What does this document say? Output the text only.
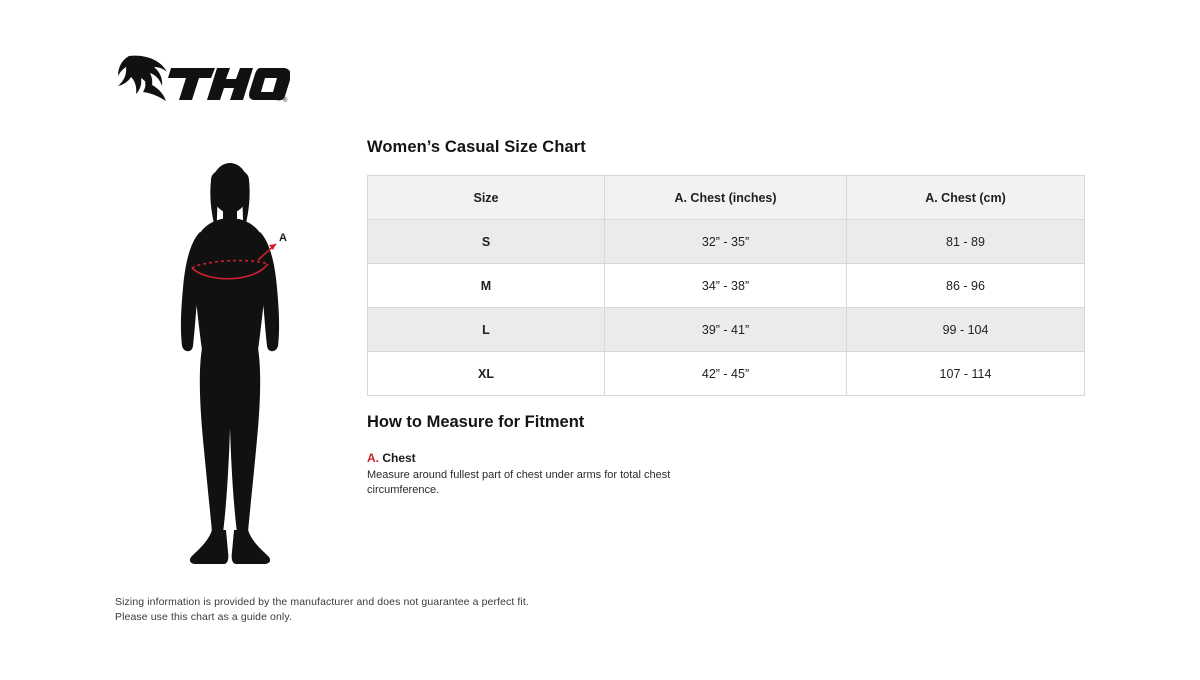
®
A
Women’s Casual Size Chart
Size	A. Chest (inches)	A. Chest (cm)
S	32” - 35”	81 - 89
M	34” - 38”	86 - 96
L	39” - 41”	99 - 104
XL	42” - 45”	107 - 114
How to Measure for Fitment
A. Chest
Measure around fullest part of chest under arms for total chest circumference.
Sizing information is provided by the manufacturer and does not guarantee a perfect fit.
Please use this chart as a guide only.
